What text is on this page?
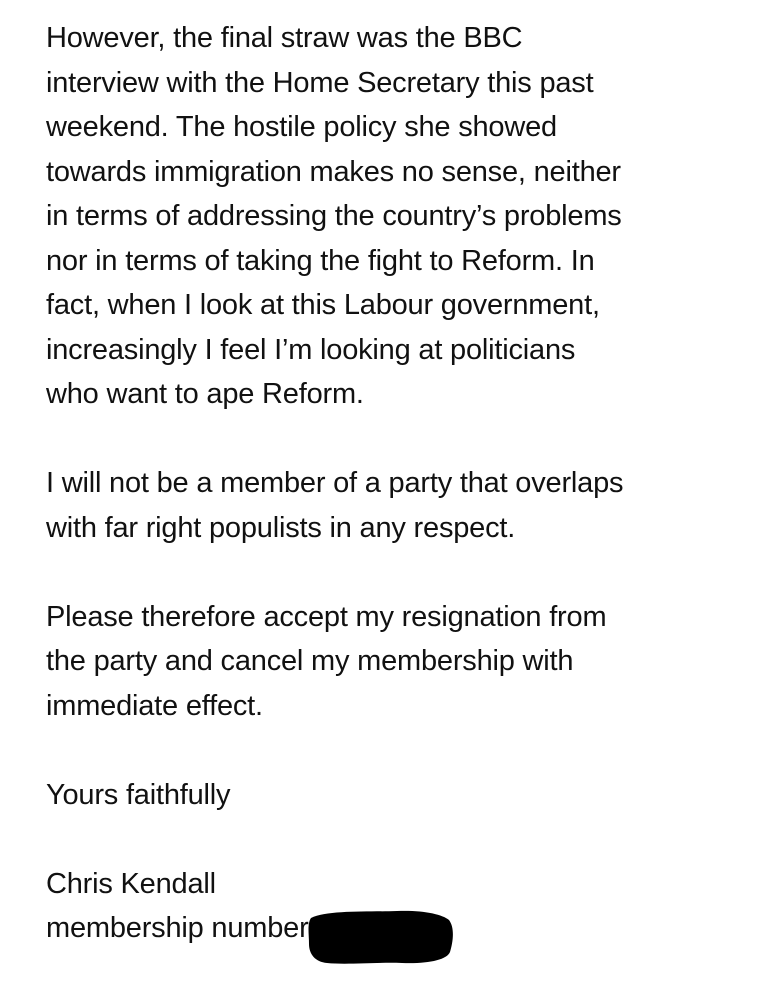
However, the final straw was the BBC
interview with the Home Secretary this past
weekend. The hostile policy she showed
towards immigration makes no sense, neither
in terms of addressing the country’s problems
nor in terms of taking the fight to Reform. In
fact, when I look at this Labour government,
increasingly I feel I’m looking at politicians
who want to ape Reform.
I will not be a member of a party that overlaps
with far right populists in any respect.
Please therefore accept my resignation from
the party and cancel my membership with
immediate effect.
Yours faithfully
Chris Kendall
membership number
